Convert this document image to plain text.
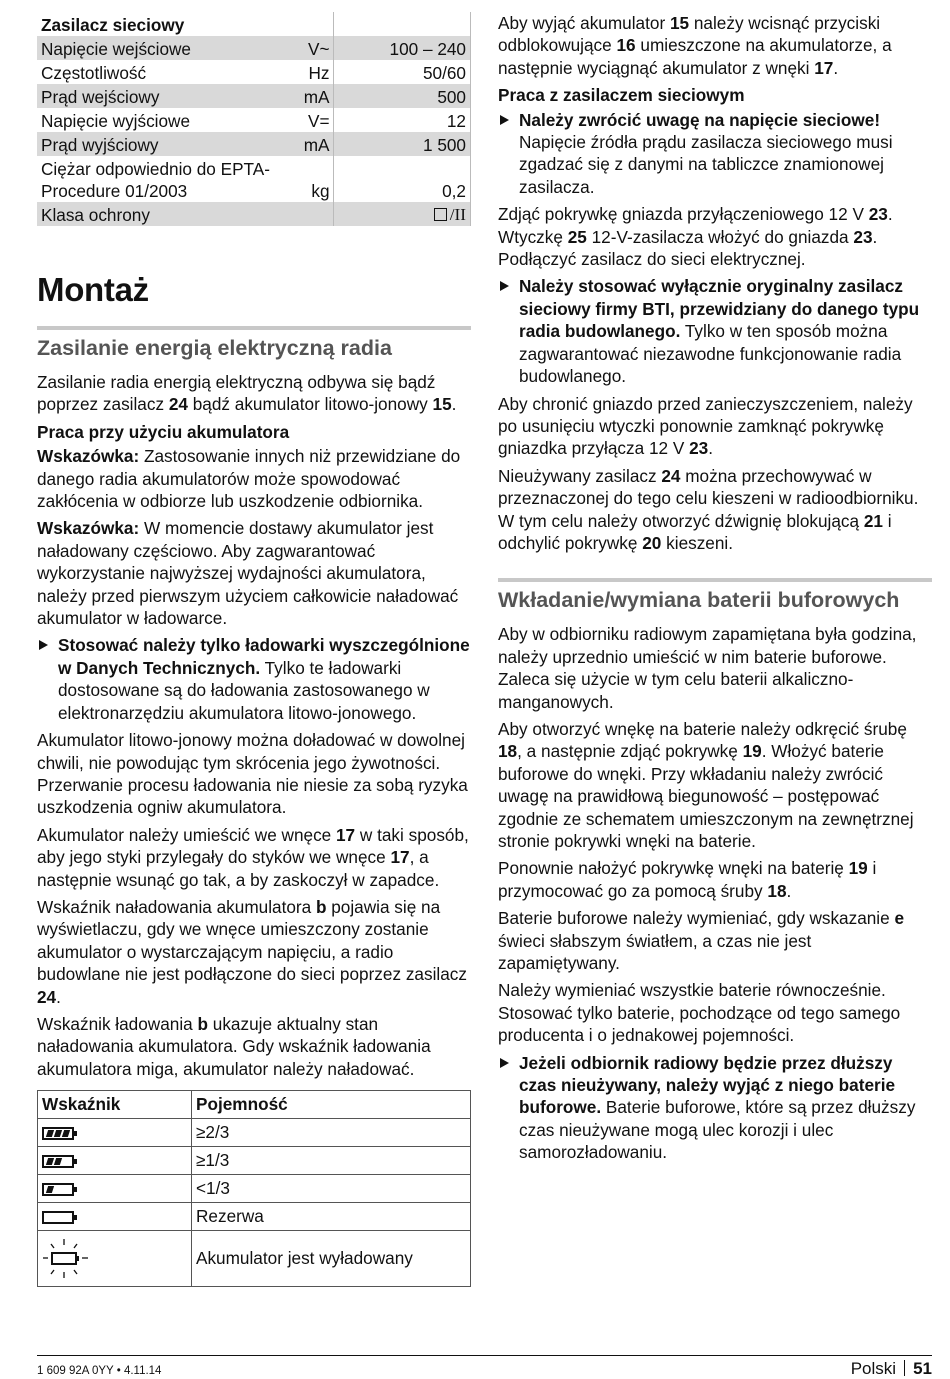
Zasilacz sieciowy		
Napięcie wejściowe	V~	100 – 240
Częstotliwość	Hz	50/60
Prąd wejściowy	mA	500
Napięcie wyjściowe	V=	12
Prąd wyjściowy	mA	1 500
Ciężar odpowiednio do EPTA-Procedure 01/2003	kg	0,2
Klasa ochrony		/II
Montaż
Zasilanie energią elektryczną radia

Zasilanie radia energią elektryczną odbywa się bądź poprzez zasilacz 24 bądź akumulator litowo-jonowy 15.

Praca przy użyciu akumulatora

Wskazówka: Zastosowanie innych niż przewidziane do danego radia akumulatorów może spowodować zakłócenia w odbiorze lub uszkodzenie odbiornika.

Wskazówka: W momencie dostawy akumulator jest naładowany częściowo. Aby zagwarantować wykorzystanie najwyższej wydajności akumulatora, należy przed pierwszym użyciem całkowicie naładować akumulator w ładowarce.

Stosować należy tylko ładowarki wyszczególnione w Danych Technicznych. Tylko te ładowarki dostosowane są do ładowania zastosowanego w elektronarzędziu akumulatora litowo-jonowego.

Akumulator litowo-jonowy można doładować w dowolnej chwili, nie powodując tym skrócenia jego żywotności. Przerwanie procesu ładowania nie niesie za sobą ryzyka uszkodzenia ogniw akumulatora.

Akumulator należy umieścić we wnęce 17 w taki sposób, aby jego styki przylegały do styków we wnęce 17, a następnie wsunąć go tak, a by zaskoczył w zapadce.

Wskaźnik naładowania akumulatora b pojawia się na wyświetlaczu, gdy we wnęce umieszczony zostanie akumulator o wystarczającym napięciu, a radio budowlane nie jest podłączone do sieci poprzez zasilacz 24.

Wskaźnik ładowania b ukazuje aktualny stan naładowania akumulatora. Gdy wskaźnik ładowania akumulatora miga, akumulator należy naładować.

Wskaźnik	Pojemność

	≥2/3

	≥1/3

	<1/3
	Rezerwa
	Akumulator jest wyładowany

Aby wyjąć akumulator 15 należy wcisnąć przyciski odblokowujące 16 umieszczone na akumulatorze, a następnie wyciągnąć akumulator z wnęki 17.

Praca z zasilaczem sieciowym

Należy zwrócić uwagę na napięcie sieciowe! Napięcie źródła prądu zasilacza sieciowego musi zgadzać się z danymi na tabliczce znamionowej zasilacza.

Zdjąć pokrywkę gniazda przyłączeniowego 12 V 23. Wtyczkę 25 12-V-zasilacza włożyć do gniazda 23. Podłączyć zasilacz do sieci elektrycznej.

Należy stosować wyłącznie oryginalny zasilacz sieciowy firmy BTI, przewidziany do danego typu radia budowlanego. Tylko w ten sposób można zagwarantować niezawodne funkcjonowanie radia budowlanego.

Aby chronić gniazdo przed zanieczyszczeniem, należy po usunięciu wtyczki ponownie zamknąć pokrywkę gniazdka przyłącza 12 V 23.

Nieużywany zasilacz 24 można przechowywać w przeznaczonej do tego celu kieszeni w radioodbiorniku. W tym celu należy otworzyć dźwignię blokującą 21 i odchylić pokrywkę 20 kieszeni.

Wkładanie/wymiana baterii buforowych

Aby w odbiorniku radiowym zapamiętana była godzina, należy uprzednio umieścić w nim baterie buforowe. Zaleca się użycie w tym celu baterii alkaliczno-manganowych.

Aby otworzyć wnękę na baterie należy odkręcić śrubę 18, a następnie zdjąć pokrywkę 19. Włożyć baterie buforowe do wnęki. Przy wkładaniu należy zwrócić uwagę na prawidłową biegunowość – postępować zgodnie ze schematem umieszczonym na zewnętrznej stronie pokrywki wnęki na baterie.

Ponownie nałożyć pokrywkę wnęki na baterię 19 i przymocować go za pomocą śruby 18.

Baterie buforowe należy wymieniać, gdy wskazanie e świeci słabszym światłem, a czas nie jest zapamiętywany.

Należy wymieniać wszystkie baterie równocześnie. Stosować tylko baterie, pochodzące od tego samego producenta i o jednakowej pojemności.

Jeżeli odbiornik radiowy będzie przez dłuższy czas nieużywany, należy wyjąć z niego baterie buforowe. Baterie buforowe, które są przez dłuższy czas nieużywane mogą ulec korozji i ulec samorozładowaniu.

1 609 92A 0YY • 4.11.14	Polski 51
